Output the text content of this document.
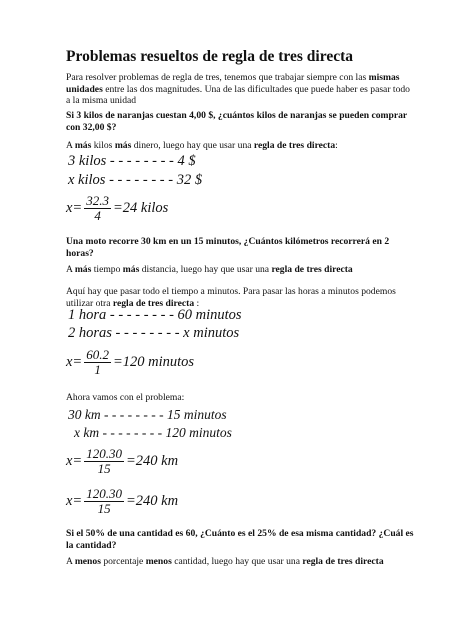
Problemas resueltos de regla de tres directa
Para resolver problemas de regla de tres, tenemos que trabajar siempre con las mismas unidades entre las dos magnitudes. Una de las dificultades que puede haber es pasar todo a la misma unidad
Si 3 kilos de naranjas cuestan 4,00 $, ¿cuántos kilos de naranjas se pueden comprar con 32,00 $?
A más kilos más dinero, luego hay que usar una regla de tres directa:
3 kilos - - - - - - - - 4 $
x kilos - - - - - - - - 32 $
$x= \frac{32.3}{4} =24$ kilos
Una moto recorre 30 km en un 15 minutos, ¿Cuántos kilómetros recorrerá en 2 horas?
A más tiempo más distancia, luego hay que usar una regla de tres directa
Aquí hay que pasar todo el tiempo a minutos. Para pasar las horas a minutos podemos utilizar otra regla de tres directa :
1 hora - - - - - - - - 60 minutos
2 horas - - - - - - - - x minutos
$x= \frac{60.2}{1} =120$ minutos
Ahora vamos con el problema:
30 km - - - - - - - - 15 minutos
x km - - - - - - - - 120 minutos
$x= \frac{120.30}{15} =240$ km
$x= \frac{120.30}{15} =240$ km
Si el 50% de una cantidad es 60, ¿Cuánto es el 25% de esa misma cantidad? ¿Cuál es la cantidad?
A menos porcentaje menos cantidad, luego hay que usar una regla de tres directa
